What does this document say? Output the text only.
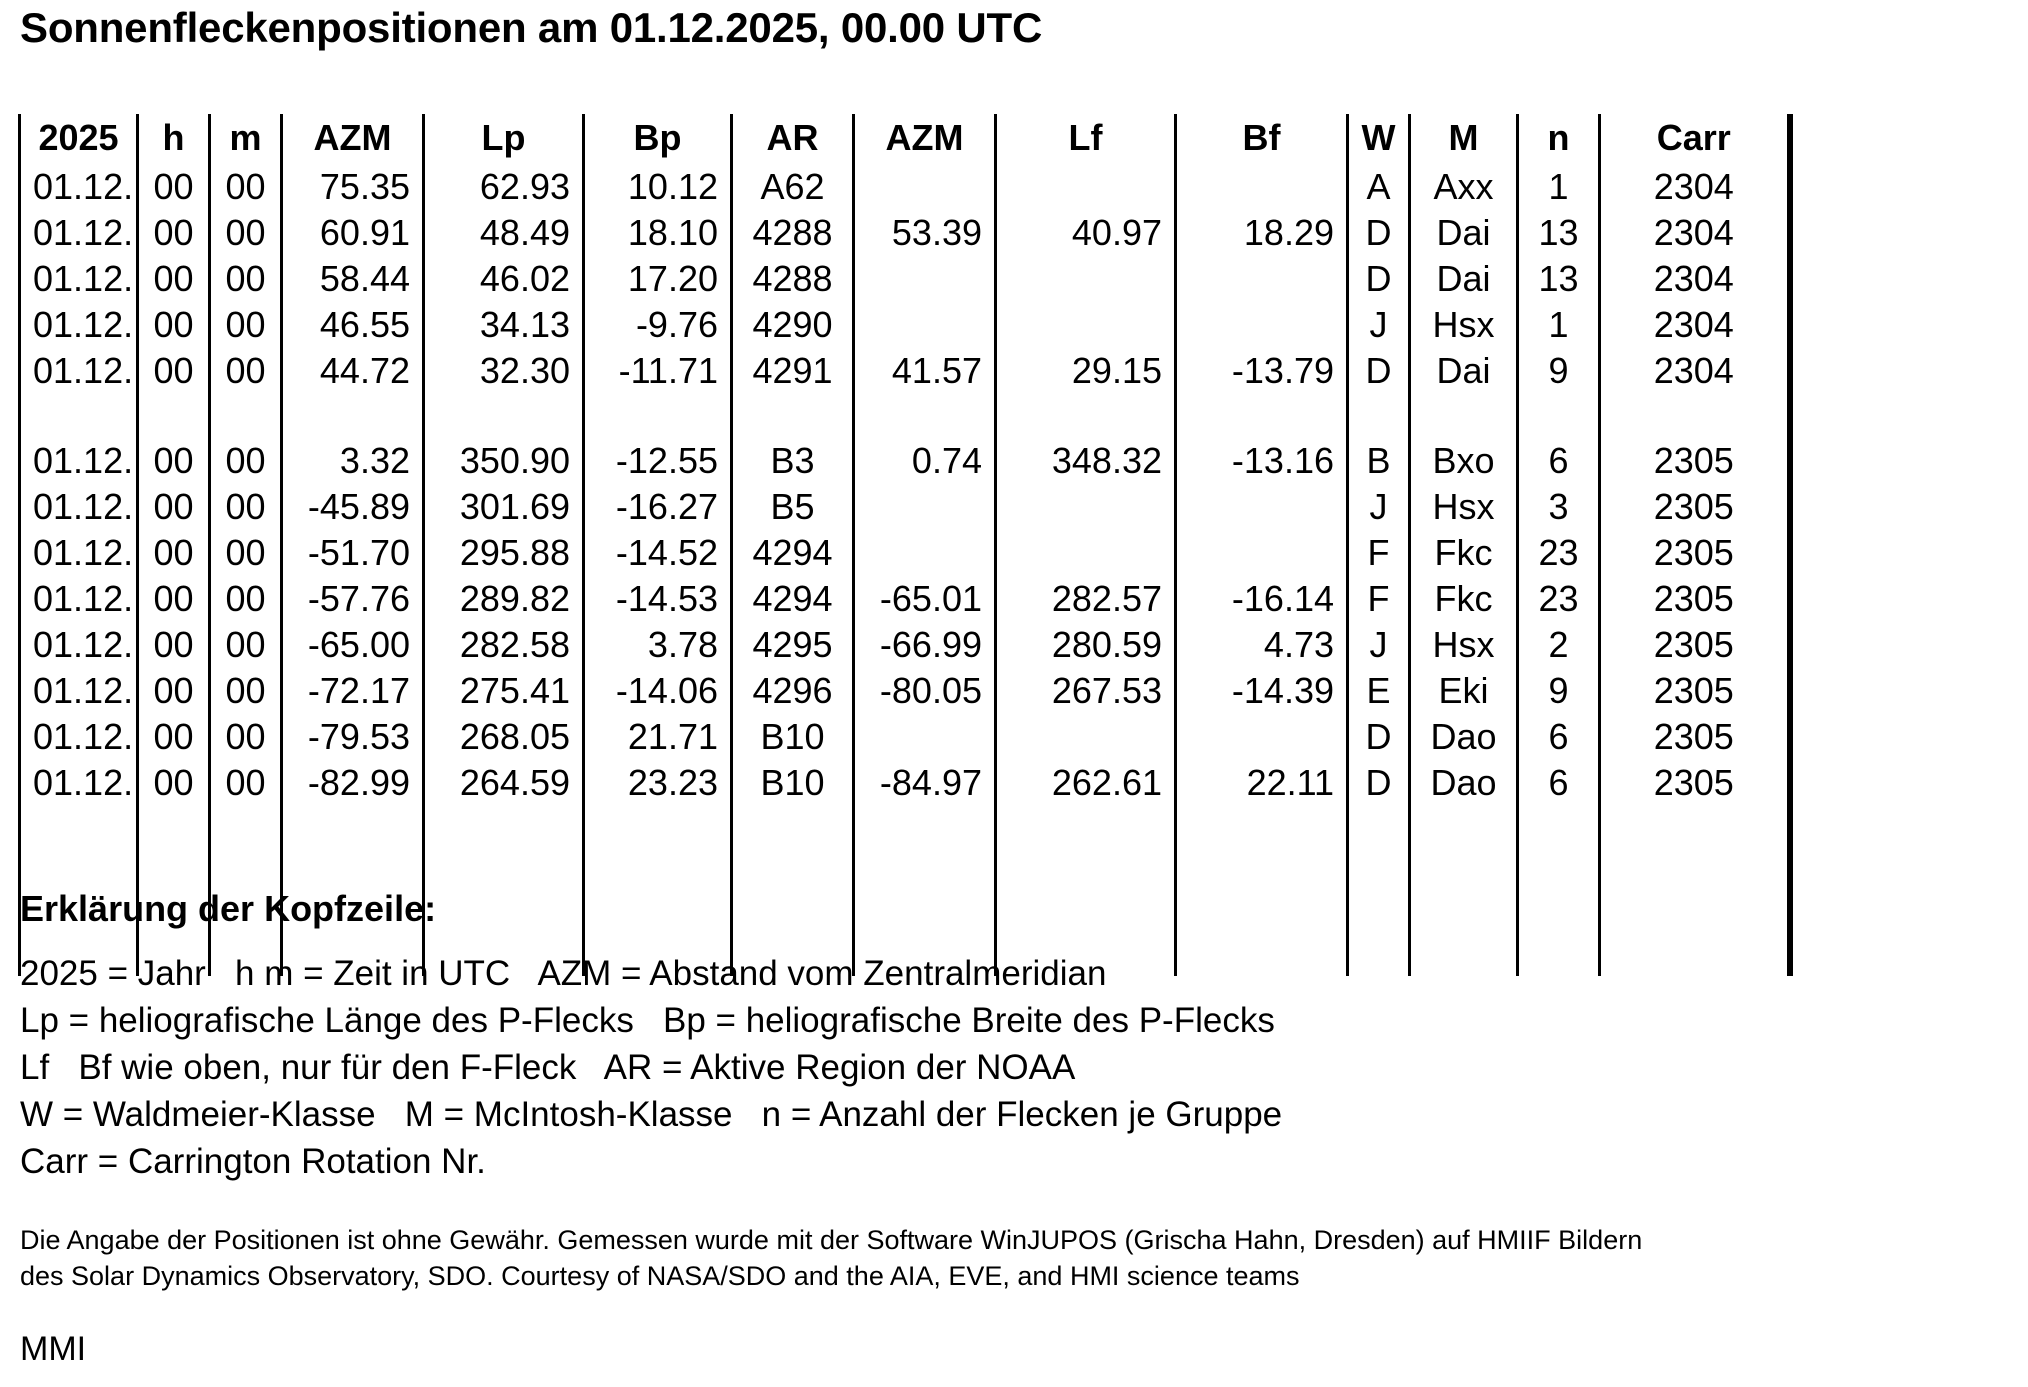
Sonnenfleckenpositionen am 01.12.2025, 00.00 UTC
2025	h	m	AZM	Lp	Bp	AR	AZM	Lf	Bf	W	M	n	Carr
01.12.	00	00	75.35	62.93	10.12	A62				A	Axx	1	2304
01.12.	00	00	60.91	48.49	18.10	4288	53.39	40.97	18.29	D	Dai	13	2304
01.12.	00	00	58.44	46.02	17.20	4288				D	Dai	13	2304
01.12.	00	00	46.55	34.13	-9.76	4290				J	Hsx	1	2304
01.12.	00	00	44.72	32.30	-11.71	4291	41.57	29.15	-13.79	D	Dai	9	2304

01.12.	00	00	3.32	350.90	-12.55	B3	0.74	348.32	-13.16	B	Bxo	6	2305
01.12.	00	00	-45.89	301.69	-16.27	B5				J	Hsx	3	2305
01.12.	00	00	-51.70	295.88	-14.52	4294				F	Fkc	23	2305
01.12.	00	00	-57.76	289.82	-14.53	4294	-65.01	282.57	-16.14	F	Fkc	23	2305
01.12.	00	00	-65.00	282.58	3.78	4295	-66.99	280.59	4.73	J	Hsx	2	2305
01.12.	00	00	-72.17	275.41	-14.06	4296	-80.05	267.53	-14.39	E	Eki	9	2305
01.12.	00	00	-79.53	268.05	21.71	B10				D	Dao	6	2305
01.12.	00	00	-82.99	264.59	23.23	B10	-84.97	262.61	22.11	D	Dao	6	2305

Erklärung der Kopfzeile:
2025 = Jahr   h m = Zeit in UTC   AZM = Abstand vom Zentralmeridian
Lp = heliografische Länge des P-Flecks   Bp = heliografische Breite des P-Flecks
Lf   Bf wie oben, nur für den F-Fleck   AR = Aktive Region der NOAA
W = Waldmeier-Klasse   M = McIntosh-Klasse   n = Anzahl der Flecken je Gruppe
Carr = Carrington Rotation Nr.
Die Angabe der Positionen ist ohne Gewähr. Gemessen wurde mit der Software WinJUPOS (Grischa Hahn, Dresden) auf HMIIF Bildern
des Solar Dynamics Observatory, SDO. Courtesy of NASA/SDO and the AIA, EVE, and HMI science teams
MMI
